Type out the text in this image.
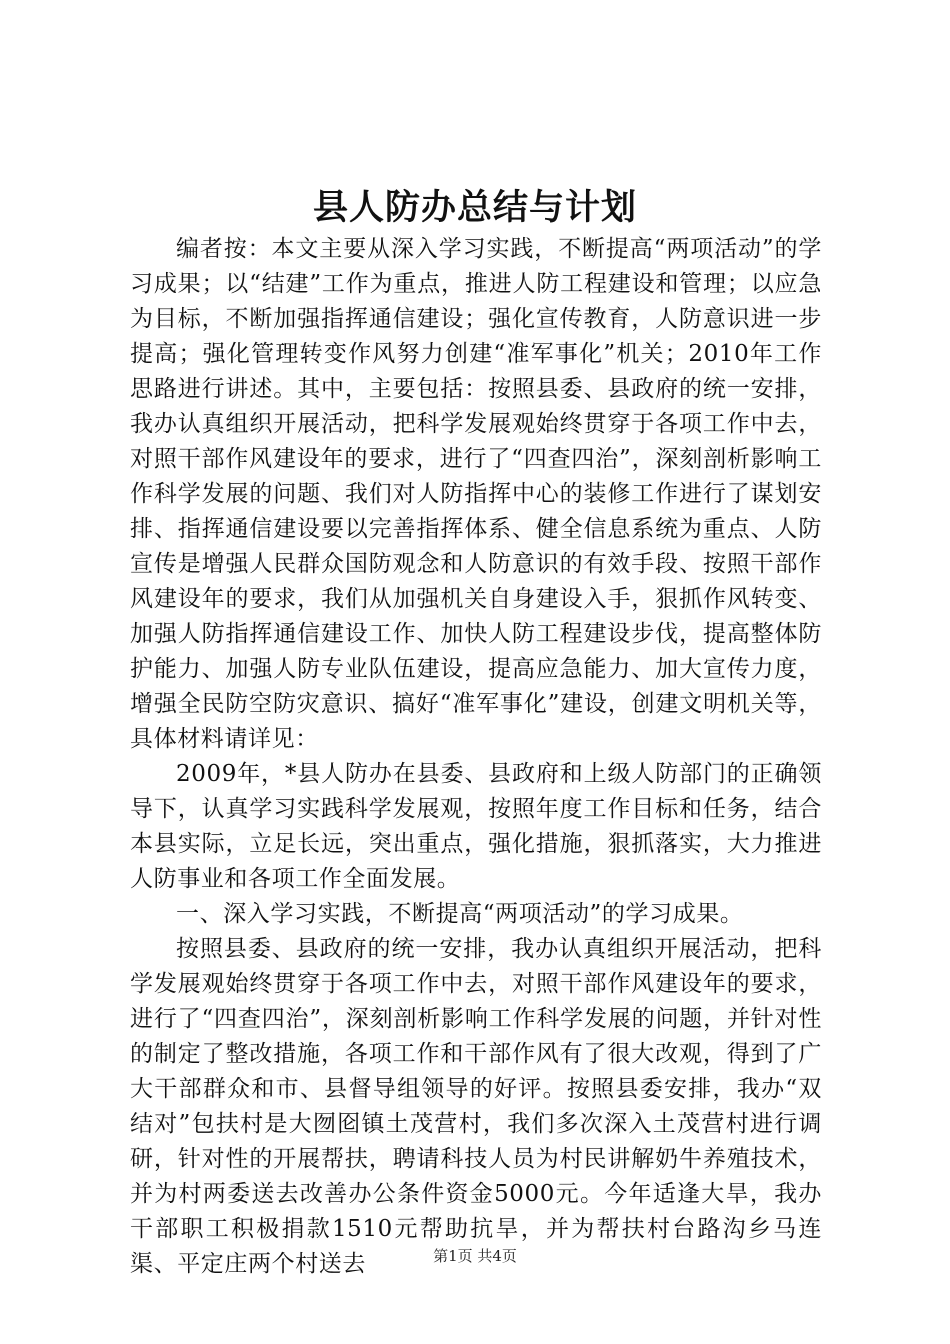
县人防办总结与计划

编者按：本文主要从深入学习实践，不断提高“两项活动”的学习成果；以“结建”工作为重点，推进人防工程建设和管理；以应急为目标，不断加强指挥通信建设；强化宣传教育，人防意识进一步提高；强化管理转变作风努力创建“准军事化”机关；2010年工作思路进行讲述。其中，主要包括：按照县委、县政府的统一安排，我办认真组织开展活动，把科学发展观始终贯穿于各项工作中去，对照干部作风建设年的要求，进行了“四查四治”，深刻剖析影响工作科学发展的问题、我们对人防指挥中心的装修工作进行了谋划安排、指挥通信建设要以完善指挥体系、健全信息系统为重点、人防宣传是增强人民群众国防观念和人防意识的有效手段、按照干部作风建设年的要求，我们从加强机关自身建设入手，狠抓作风转变、加强人防指挥通信建设工作、加快人防工程建设步伐，提高整体防护能力、加强人防专业队伍建设，提高应急能力、加大宣传力度，增强全民防空防灾意识、搞好“准军事化”建设，创建文明机关等，具体材料请详见：

2009年，*县人防办在县委、县政府和上级人防部门的正确领导下，认真学习实践科学发展观，按照年度工作目标和任务，结合本县实际，立足长远，突出重点，强化措施，狠抓落实，大力推进人防事业和各项工作全面发展。

一、深入学习实践，不断提高“两项活动”的学习成果。

按照县委、县政府的统一安排，我办认真组织开展活动，把科学发展观始终贯穿于各项工作中去，对照干部作风建设年的要求，进行了“四查四治”，深刻剖析影响工作科学发展的问题，并针对性的制定了整改措施，各项工作和干部作风有了很大改观，得到了广大干部群众和市、县督导组领导的好评。按照县委安排，我办“双结对”包扶村是大囫囵镇土茂营村，我们多次深入土茂营村进行调研，针对性的开展帮扶，聘请科技人员为村民讲解奶牛养殖技术，并为村两委送去改善办公条件资金5000元。今年适逢大旱，我办干部职工积极捐款1510元帮助抗旱，并为帮扶村台路沟乡马连渠、平定庄两个村送去	第1页 共4页
